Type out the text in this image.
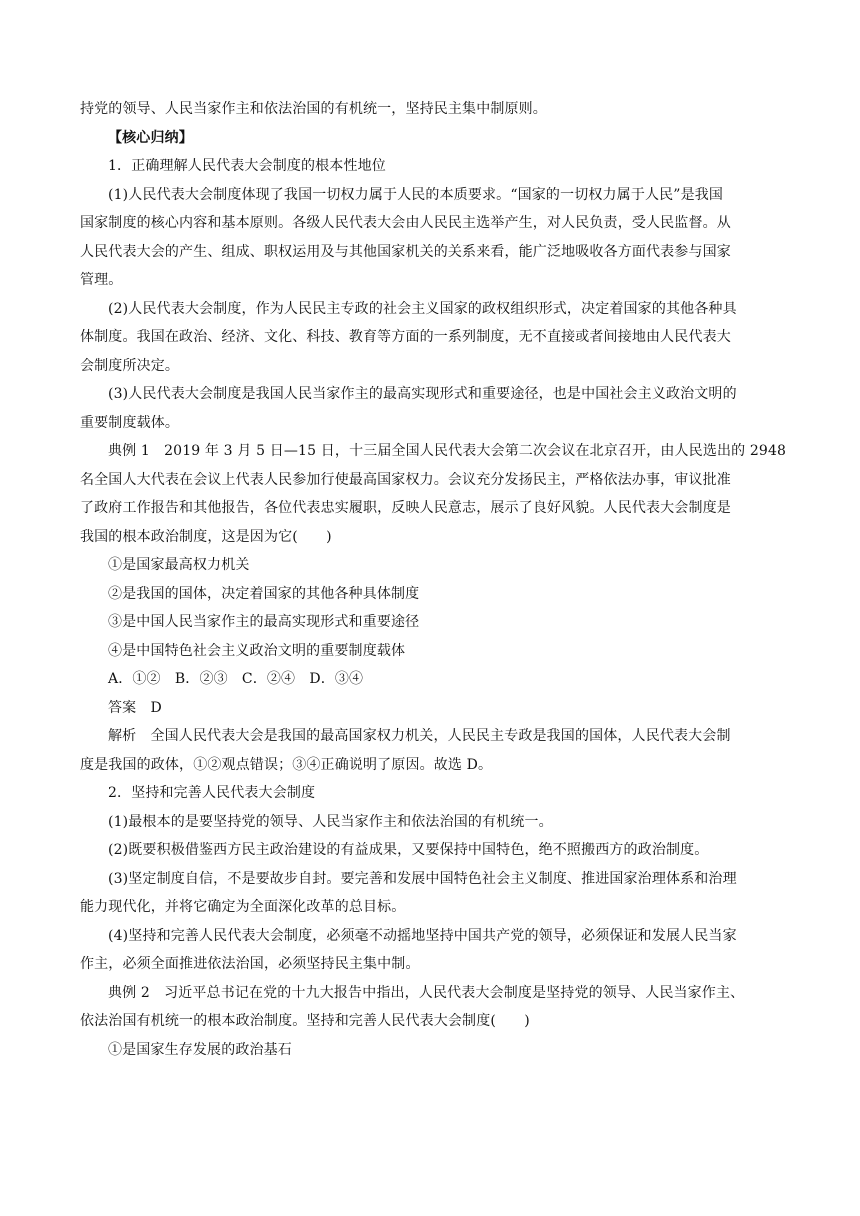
持党的领导、人民当家作主和依法治国的有机统一，坚持民主集中制原则。
【核心归纳】
1．正确理解人民代表大会制度的根本性地位
(1)人民代表大会制度体现了我国一切权力属于人民的本质要求。“国家的一切权力属于人民”是我国
国家制度的核心内容和基本原则。各级人民代表大会由人民民主选举产生，对人民负责，受人民监督。从
人民代表大会的产生、组成、职权运用及与其他国家机关的关系来看，能广泛地吸收各方面代表参与国家
管理。
(2)人民代表大会制度，作为人民民主专政的社会主义国家的政权组织形式，决定着国家的其他各种具
体制度。我国在政治、经济、文化、科技、教育等方面的一系列制度，无不直接或者间接地由人民代表大
会制度所决定。
(3)人民代表大会制度是我国人民当家作主的最高实现形式和重要途径，也是中国社会主义政治文明的
重要制度载体。
典例 1　2019 年 3 月 5 日—15 日，十三届全国人民代表大会第二次会议在北京召开，由人民选出的 2948
名全国人大代表在会议上代表人民参加行使最高国家权力。会议充分发扬民主，严格依法办事，审议批准
了政府工作报告和其他报告，各位代表忠实履职，反映人民意志，展示了良好风貌。人民代表大会制度是
我国的根本政治制度，这是因为它(　　)
①是国家最高权力机关
②是我国的国体，决定着国家的其他各种具体制度
③是中国人民当家作主的最高实现形式和重要途径
④是中国特色社会主义政治文明的重要制度载体
A．①②　B．②③　C．②④　D．③④
答案　D
解析　全国人民代表大会是我国的最高国家权力机关，人民民主专政是我国的国体，人民代表大会制
度是我国的政体，①②观点错误；③④正确说明了原因。故选 D。
2．坚持和完善人民代表大会制度
(1)最根本的是要坚持党的领导、人民当家作主和依法治国的有机统一。
(2)既要积极借鉴西方民主政治建设的有益成果，又要保持中国特色，绝不照搬西方的政治制度。
(3)坚定制度自信，不是要故步自封。要完善和发展中国特色社会主义制度、推进国家治理体系和治理
能力现代化，并将它确定为全面深化改革的总目标。
(4)坚持和完善人民代表大会制度，必须毫不动摇地坚持中国共产党的领导，必须保证和发展人民当家
作主，必须全面推进依法治国，必须坚持民主集中制。
典例 2　习近平总书记在党的十九大报告中指出，人民代表大会制度是坚持党的领导、人民当家作主、
依法治国有机统一的根本政治制度。坚持和完善人民代表大会制度(　　)
①是国家生存发展的政治基石
